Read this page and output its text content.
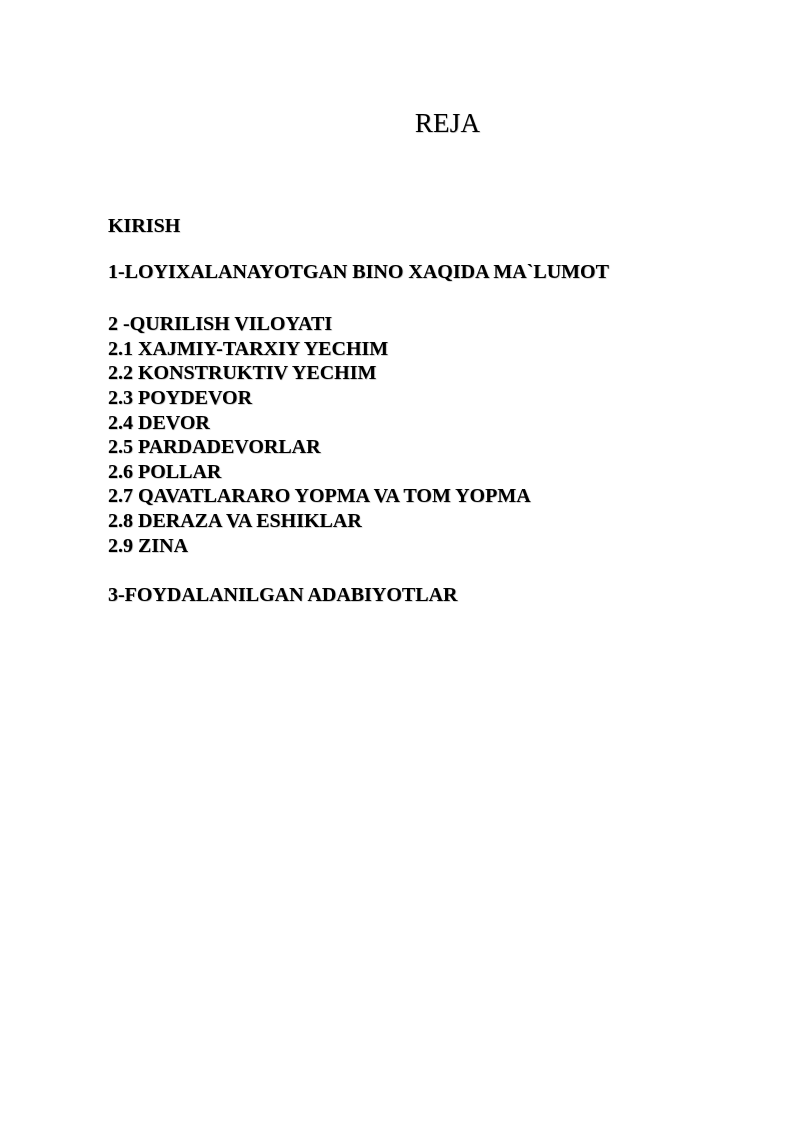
REJA
KIRISH
1-LOYIXALANAYOTGAN BINO XAQIDA MA`LUMOT
2 -QURILISH VILOYATI
2.1 XAJMIY-TARXIY YECHIM
2.2 KONSTRUKTIV YECHIM
2.3 POYDEVOR
2.4 DEVOR
2.5 PARDADEVORLAR
2.6 POLLAR
2.7 QAVATLARARO YOPMA VA TOM YOPMA
2.8 DERAZA VA ESHIKLAR
2.9 ZINA
3-FOYDALANILGAN ADABIYOTLAR
